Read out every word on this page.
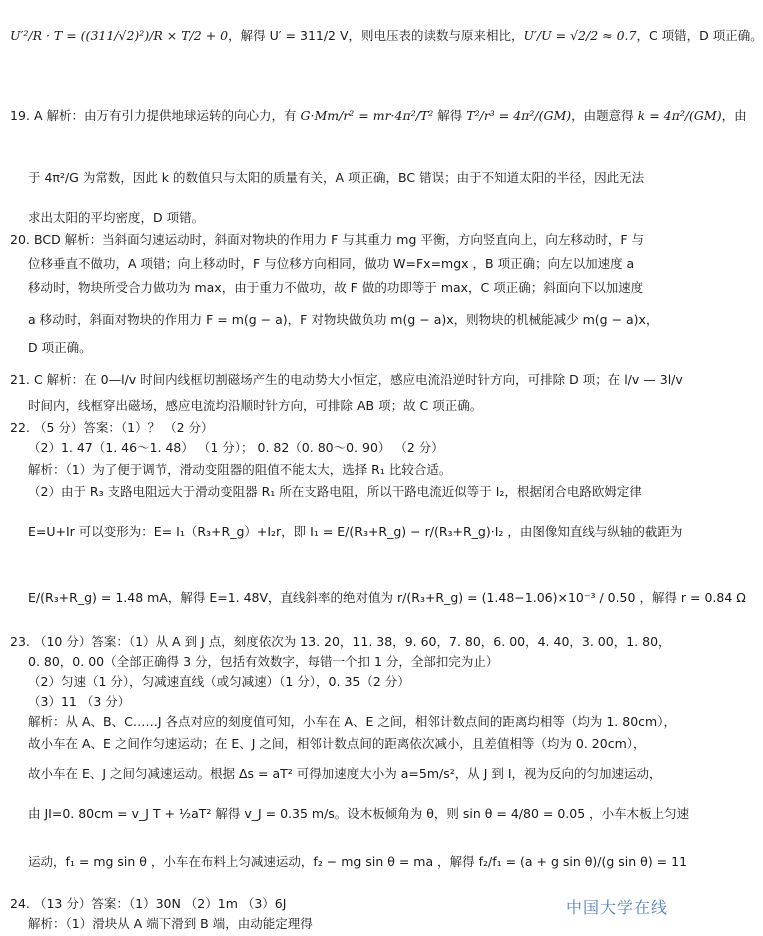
U′²/R · T = ((311/√2)²)/R × T/2 + 0，解得 U′ = 311/2 V，则电压表的读数与原来相比，U′/U = √2/2 ≈ 0.7，C 项错，D 项正确。
19. A 解析：由万有引力提供地球运转的向心力，有 G·Mm/r² = mr·4π²/T² 解得 T²/r³ = 4π²/(GM)，由题意得 k = 4π²/(GM)，由
于 4π²/G 为常数，因此 k 的数值只与太阳的质量有关，A 项正确，BC 错误；由于不知道太阳的半径，因此无法
求出太阳的平均密度，D 项错。
20. BCD 解析：当斜面匀速运动时，斜面对物块的作用力 F 与其重力 mg 平衡，方向竖直向上，向左移动时，F 与
位移垂直不做功，A 项错；向上移动时，F 与位移方向相同，做功 W=Fx=mgx ，B 项正确；向左以加速度 a
移动时，物块所受合力做功为 max，由于重力不做功，故 F 做的功即等于 max，C 项正确；斜面向下以加速度
a 移动时，斜面对物块的作用力 F = m(g − a)，F 对物块做负功 m(g − a)x，则物块的机械能减少 m(g − a)x，
D 项正确。
21. C 解析：在 0—l/v 时间内线框切割磁场产生的电动势大小恒定，感应电流沿逆时针方向，可排除 D 项；在 l/v — 3l/v
时间内，线框穿出磁场，感应电流均沿顺时针方向，可排除 AB 项；故 C 项正确。
22. （5 分）答案：（1）？ （2 分）
（2）1. 47（1. 46～1. 48） （1 分）； 0. 82（0. 80～0. 90） （2 分）
解析：（1）为了便于调节，滑动变阻器的阻值不能太大，选择 R₁ 比较合适。
（2）由于 R₃ 支路电阻远大于滑动变阻器 R₁ 所在支路电阻，所以干路电流近似等于 I₂，根据闭合电路欧姆定律
E=U+Ir 可以变形为：E= I₁（R₃+R_g）+I₂r，即 I₁ = E/(R₃+R_g) − r/(R₃+R_g)·I₂ ，由图像知直线与纵轴的截距为
E/(R₃+R_g) = 1.48 mA，解得 E=1. 48V，直线斜率的绝对值为 r/(R₃+R_g) = (1.48−1.06)×10⁻³ / 0.50 ，解得 r = 0.84 Ω
23. （10 分）答案：（1）从 A 到 J 点，刻度依次为 13. 20，11. 38，9. 60，7. 80，6. 00，4. 40，3. 00，1. 80，
0. 80，0. 00（全部正确得 3 分，包括有效数字，每错一个扣 1 分，全部扣完为止）
（2）匀速（1 分），匀减速直线（或匀减速）（1 分），0. 35（2 分）
（3）11 （3 分）
解析：从 A、B、C……J 各点对应的刻度值可知，小车在 A、E 之间，相邻计数点间的距离均相等（均为 1. 80cm），
故小车在 A、E 之间作匀速运动；在 E、J 之间，相邻计数点间的距离依次减小，且差值相等（均为 0. 20cm），
故小车在 E、J 之间匀减速运动。根据 Δs = aT² 可得加速度大小为 a=5m/s²，从 J 到 I，视为反向的匀加速运动，
由 JI=0. 80cm = v_J T + ½aT² 解得 v_J = 0.35 m/s。设木板倾角为 θ，则 sin θ = 4/80 = 0.05 ，小车木板上匀速
运动，f₁ = mg sin θ ，小车在布料上匀减速运动，f₂ − mg sin θ = ma ，解得 f₂/f₁ = (a + g sin θ)/(g sin θ) = 11
24. （13 分）答案：（1）30N （2）1m （3）6J
解析：（1）滑块从 A 端下滑到 B 端，由动能定理得
中国大学在线
